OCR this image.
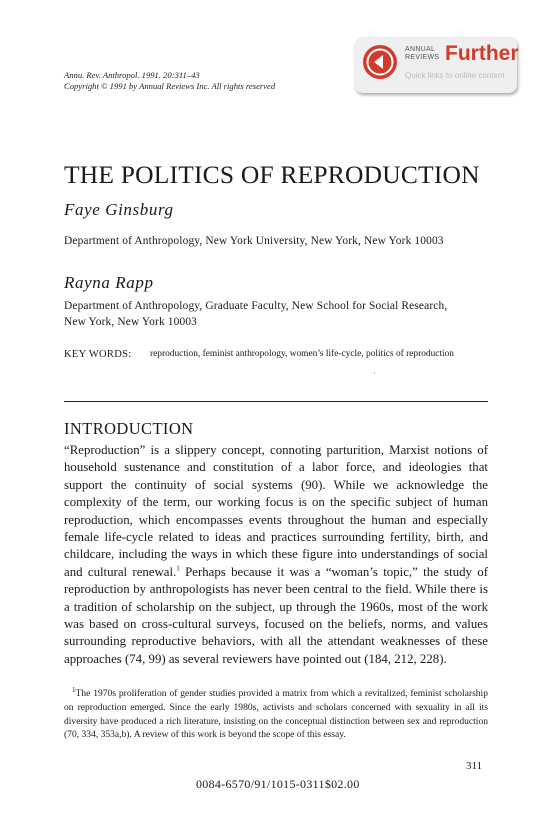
Annu. Rev. Anthropol. 1991. 20:311–43
Copyright © 1991 by Annual Reviews Inc. All rights reserved
ANNUAL
REVIEWS Further
Quick links to online content
THE POLITICS OF REPRODUCTION
Faye Ginsburg
Department of Anthropology, New York University, New York, New York 10003
Rayna Rapp
Department of Anthropology, Graduate Faculty, New School for Social Research,
New York, New York 10003
KEY WORDS: reproduction, feminist anthropology, women’s life-cycle, politics of reproduction
·
INTRODUCTION
“Reproduction” is a slippery concept, connoting parturition, Marxist notions of household sustenance and constitution of a labor force, and ideologies that support the continuity of social systems (90). While we acknowledge the complexity of the term, our working focus is on the specific subject of human reproduction, which encompasses events throughout the human and especially female life-cycle related to ideas and practices surrounding fertility, birth, and childcare, including the ways in which these figure into understandings of social and cultural renewal.$^1$ Perhaps because it was a “woman’s topic,” the study of reproduction by anthropologists has never been central to the field. While there is a tradition of scholarship on the subject, up through the 1960s, most of the work was based on cross-cultural surveys, focused on the beliefs, norms, and values surrounding reproductive behaviors, with all the attendant weaknesses of these approaches (74, 99) as several reviewers have pointed out (184, 212, 228).

$^1$The 1970s proliferation of gender studies provided a matrix from which a revitalized, feminist scholarship on reproduction emerged. Since the early 1980s, activists and scholars concerned with sexuality in all its diversity have produced a rich literature, insisting on the conceptual distinction between sex and reproduction (70, 334, 353a,b). A review of this work is beyond the scope of this essay.

311
0084-6570/91/1015-0311$02.00
